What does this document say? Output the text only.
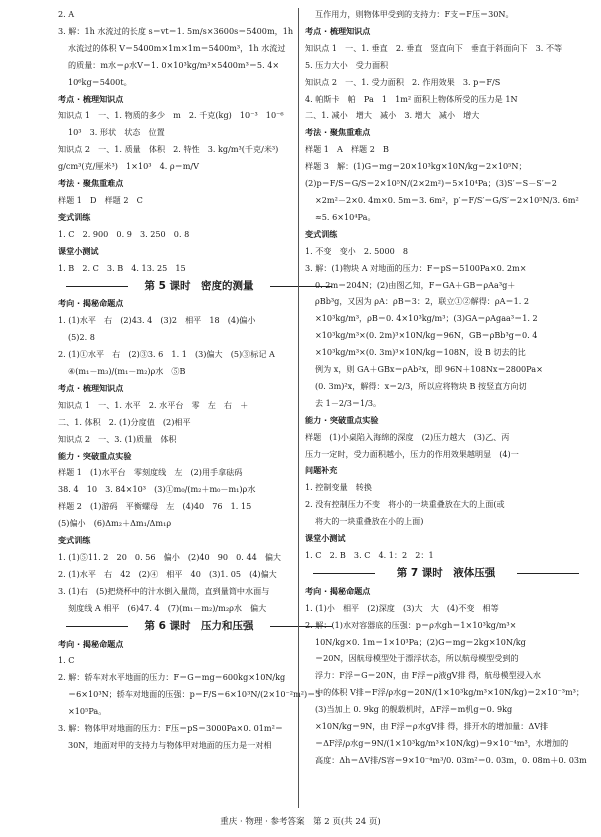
2. A
3. 解：1h 水流过的长度 s＝vt＝1. 5m/s×3600s＝5400m，1h
水流过的体积 V＝5400m×1m×1m＝5400m³，1h 水流过
的质量：m水＝ρ水V＝1. 0×10³kg/m³×5400m³＝5. 4×
10⁶kg＝5400t。
考点 · 梳理知识点
知识点 1　一、1. 物质的多少　m　2. 千克(kg)　10⁻³　10⁻⁶
10³　3. 形状　状态　位置
知识点 2　一、1. 质量　体积　2. 特性　3. kg/m³(千克/米³)
g/cm³(克/厘米³)　1×10³　4. ρ＝m/V
考法 · 聚焦重难点
样题 1　D　样题 2　C
变式训练
1. C　2. 900　0. 9　3. 250　0. 8
课堂小测试
1. B　2. C　3. B　4. 13. 25　15
第 5 课时　密度的测量
考向 · 揭秘命题点
1. (1)水平　右　(2)43. 4　(3)2　相平　18　(4)偏小
(5)2. 8
2. (1)①水平　右　(2)③3. 6　1. 1　(3)偏大　(5)③标记 A
④(m₁－m₃)/(m₁－m₂)ρ水　⑤B
考点 · 梳理知识点
知识点 1　一、1. 水平　2. 水平台　零　左　右　＋
二、1. 体积　2. (1)分度值　(2)相平
知识点 2　一、3. (1)质量　体积
能力 · 突破重点实验
样题 1　(1)水平台　零刻度线　左　(2)用手拿砝码
38. 4　10　3. 84×10³　(3)①m₀/(m₂＋m₀－m₁)ρ水
样题 2　(1)游码　平衡螺母　左　(4)40　76　1. 15
(5)偏小　(6)Δm₂＋Δm₁/Δm₁ρ
变式训练
1. (1)⑤11. 2　20　0. 56　偏小　(2)40　90　0. 44　偏大
2. (1)水平　右　42　(2)④　相平　40　(3)1. 05　(4)偏大
3. (1)右　(5)把烧杯中的汁水倒入量筒，直到量筒中水面与
刻度线 A 相平　(6)47. 4　(7)(m₁－m₂)/m₂ρ水　偏大
第 6 课时　压力和压强
考向 · 揭秘命题点
1. C
2. 解：轿车对水平地面的压力：F＝G＝mg＝600kg×10N/kg
＝6×10³N；轿车对地面的压强：p＝F/S＝6×10³N/(2×10⁻²m²)＝3
×10⁵Pa。
3. 解：物体甲对地面的压力：F压＝pS＝3000Pa×0. 01m²＝
30N，地面对甲的支持力与物体甲对地面的压力是一对相
互作用力，则物体甲受到的支持力：F支＝F压＝30N。
考点 · 梳理知识点
知识点 1　一、1. 垂直　2. 垂直　竖直向下　垂直于斜面向下　3. 不等
5. 压力大小　受力面积
知识点 2　一、1. 受力面积　2. 作用效果　3. p＝F/S
4. 帕斯卡　帕　Pa　1　1m² 面积上物体所受的压力是 1N
二、1. 减小　增大　减小　3. 增大　减小　增大
考法 · 聚焦重难点
样题 1　A　样题 2　B
样题 3　解：(1)G＝mg＝20×10³kg×10N/kg＝2×10⁵N；
(2)p＝F/S＝G/S＝2×10⁵N/(2×2m²)＝5×10⁴Pa；(3)S′＝S－S′＝2
×2m²－2×0. 4m×0. 5m＝3. 6m²，p′＝F/S′＝G/S′＝2×10⁵N/3. 6m²
≈5. 6×10⁴Pa。
变式训练
1. 不变　变小　2. 5000　8
3. 解：(1)物块 A 对地面的压力：F＝pS＝5100Pa×0. 2m×
0. 2m＝204N；(2)由图乙知，F＝GA＋GB＝ρAa³g＋
ρBb³g，又因为 ρA：ρB＝3：2，联立①②解得：ρA＝1. 2
×10³kg/m³，ρB＝0. 4×10³kg/m³；(3)GA＝ρAgaa³＝1. 2
×10³kg/m³×(0. 2m)³×10N/kg＝96N，GB＝ρBb³g＝0. 4
×10³kg/m³×(0. 3m)³×10N/kg＝108N，设 B 切去的比
例为 x，则 GA＋GBx＝ρAb²x，即 96N＋108Nx＝2800Pa×
(0. 3m)²x，解得：x＝2/3，所以应将物块 B 按竖直方向切
去 1－2/3＝1/3。
能力 · 突破重点实验
样题　(1)小桌陷入海绵的深度　(2)压力越大　(3)乙、丙
压力一定时，受力面积越小，压力的作用效果越明显　(4)一
问题补充
1. 控制变量　转换
2. 没有控制压力不变　将小的一块重叠放在大的上面(或
将大的一块重叠放在小的上面)
课堂小测试
1. C　2. B　3. C　4. 1：2　2：1
第 7 课时　液体压强
考向 · 揭秘命题点
1. (1)小　相平　(2)深度　(3)大　大　(4)不变　相等
2. 解：(1)水对容器底的压强：p＝ρ水gh＝1×10³kg/m³×
10N/kg×0. 1m＝1×10³Pa；(2)G＝mg＝2kg×10N/kg
＝20N，因航母模型处于漂浮状态，所以航母模型受到的
浮力：F浮＝G＝20N，由 F浮＝ρ液gV排 得，航母模型浸入水
中的体积 V排＝F浮/ρ水g＝20N/(1×10³kg/m³×10N/kg)＝2×10⁻³m³；
(3)当加上 0. 9kg 的舰载机时，ΔF浮＝m机g＝0. 9kg
×10N/kg＝9N，由 F浮＝ρ水gV排 得，排开水的增加量：ΔV排
＝ΔF浮/ρ水g＝9N/(1×10³kg/m³×10N/kg)＝9×10⁻⁴m³，水增加的
高度：Δh＝ΔV排/S容＝9×10⁻⁴m³/0. 03m²＝0. 03m，0. 08m＋0. 03m
重庆 · 物理 · 参考答案　第 2 页(共 24 页)
